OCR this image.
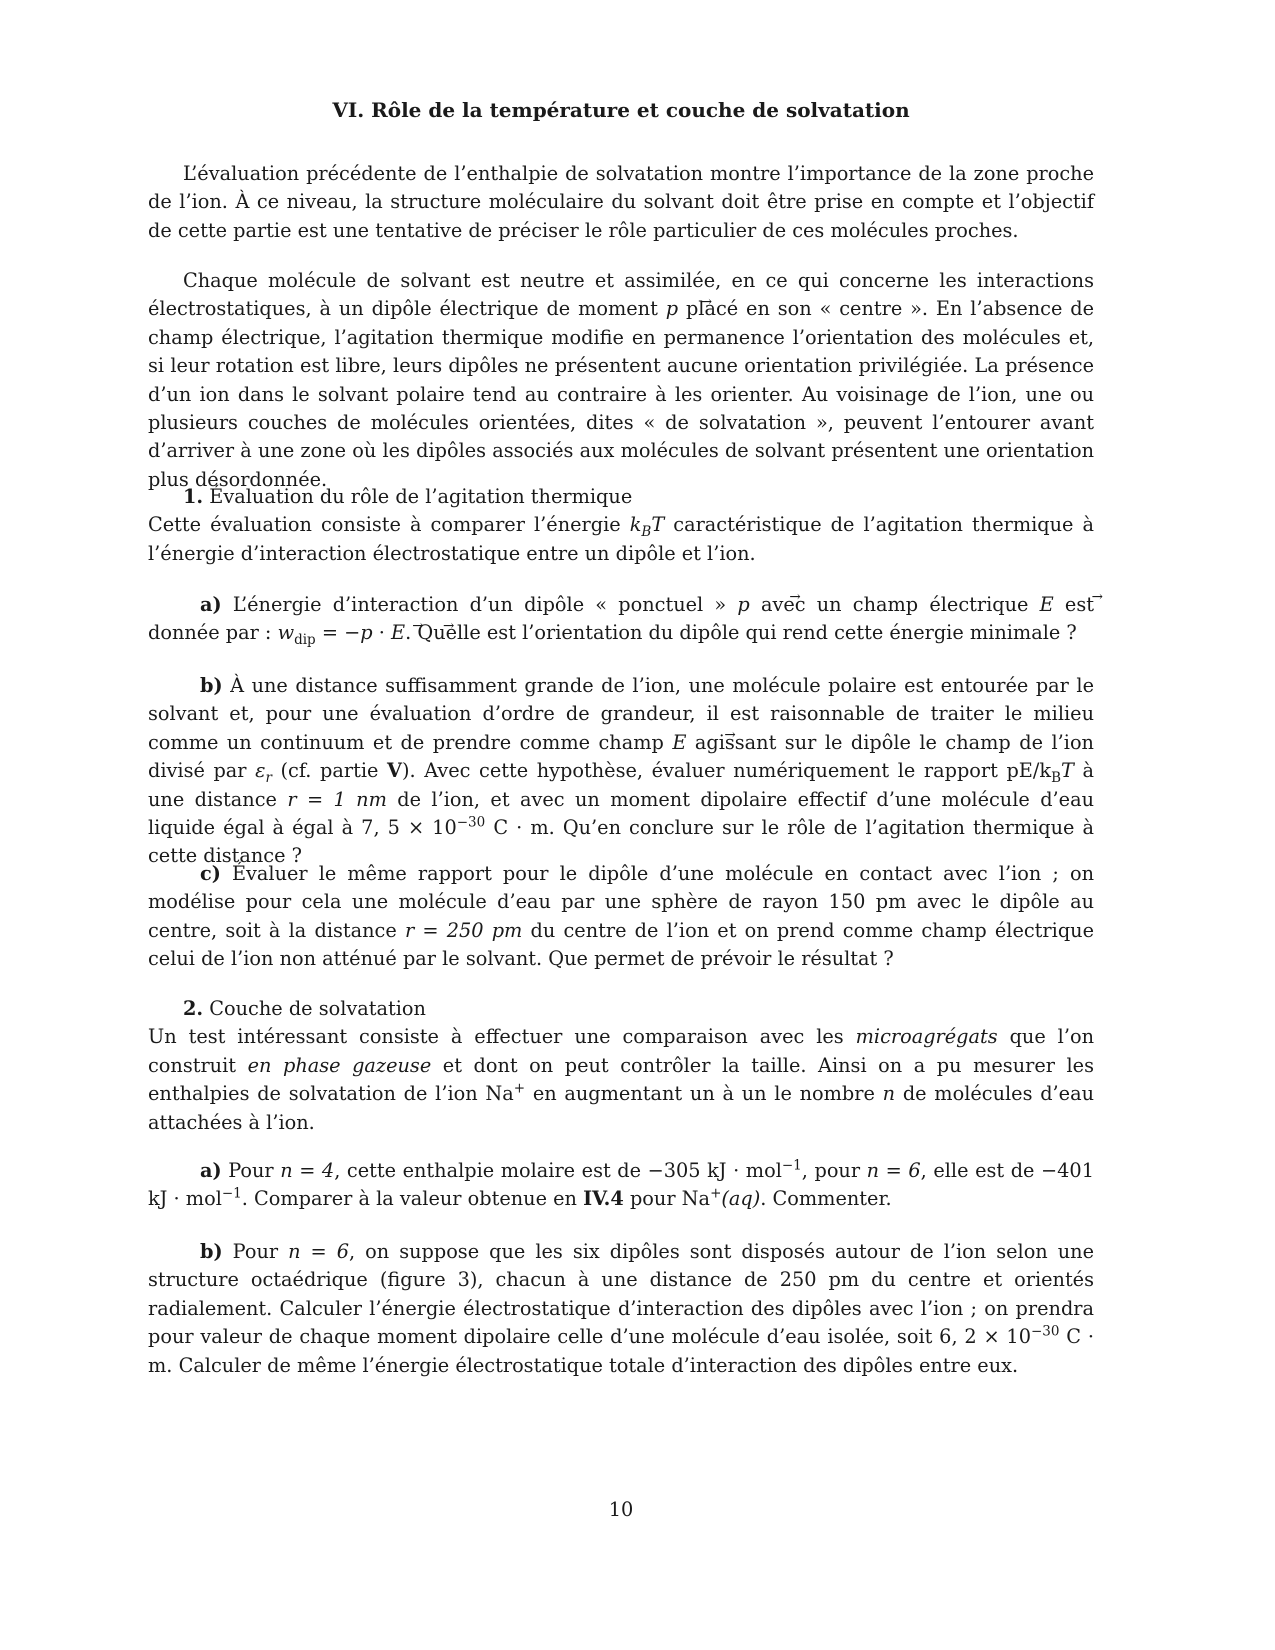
VI. Rôle de la température et couche de solvatation

L’évaluation précédente de l’enthalpie de solvatation montre l’importance de la zone proche de l’ion. À ce niveau, la structure moléculaire du solvant doit être prise en compte et l’objectif de cette partie est une tentative de préciser le rôle particulier de ces molécules proches.

Chaque molécule de solvant est neutre et assimilée, en ce qui concerne les interactions électrostatiques, à un dipôle électrique de moment → p placé en son « centre ». En l’absence de champ électrique, l’agitation thermique modifie en permanence l’orientation des molécules et, si leur rotation est libre, leurs dipôles ne présentent aucune orientation privilégiée. La présence d’un ion dans le solvant polaire tend au contraire à les orienter. Au voisinage de l’ion, une ou plusieurs couches de molécules orientées, dites « de solvatation », peuvent l’entourer avant d’arriver à une zone où les dipôles associés aux molécules de solvant présentent une orientation plus désordonnée.

1. Évaluation du rôle de l’agitation thermique

Cette évaluation consiste à comparer l’énergie $k_BT$ caractéristique de l’agitation thermique à l’énergie d’interaction électrostatique entre un dipôle et l’ion.

a) L’énergie d’interaction d’un dipôle « ponctuel » → p avec un champ électrique → E est donnée par : $w_{dip}$ = −→ p · → E. Quelle est l’orientation du dipôle qui rend cette énergie minimale ?

b) À une distance suffisamment grande de l’ion, une molécule polaire est entourée par le solvant et, pour une évaluation d’ordre de grandeur, il est raisonnable de traiter le milieu comme un continuum et de prendre comme champ → E agissant sur le dipôle le champ de l’ion divisé par $\varepsilon_r$ (cf. partie V). Avec cette hypothèse, évaluer numériquement le rapport $pE/k_BT$ à une distance r = 1 nm de l’ion, et avec un moment dipolaire effectif d’une molécule d’eau liquide égal à égal à 7, $5 \times 10^{-30}$ C · m. Qu’en conclure sur le rôle de l’agitation thermique à cette distance ?

c) Évaluer le même rapport pour le dipôle d’une molécule en contact avec l’ion ; on modélise pour cela une molécule d’eau par une sphère de rayon 150 pm avec le dipôle au centre, soit à la distance r = 250 pm du centre de l’ion et on prend comme champ électrique celui de l’ion non atténué par le solvant. Que permet de prévoir le résultat ?

2. Couche de solvatation

Un test intéressant consiste à effectuer une comparaison avec les microagrégats que l’on construit en phase gazeuse et dont on peut contrôler la taille. Ainsi on a pu mesurer les enthalpies de solvatation de l’ion Na+ en augmentant un à un le nombre n de molécules d’eau attachées à l’ion.

a) Pour n = 4, cette enthalpie molaire est de −305 kJ · mol$^{-1}$, pour n = 6, elle est de −401 kJ · mol$^{-1}$. Comparer à la valeur obtenue en IV.4 pour Na+(aq). Commenter.

b) Pour n = 6, on suppose que les six dipôles sont disposés autour de l’ion selon une structure octaédrique (figure 3), chacun à une distance de 250 pm du centre et orientés radialement. Calculer l’énergie électrostatique d’interaction des dipôles avec l’ion ; on prendra pour valeur de chaque moment dipolaire celle d’une molécule d’eau isolée, soit 6, $2 \times 10^{-30}$ C · m. Calculer de même l’énergie électrostatique totale d’interaction des dipôles entre eux.

10
